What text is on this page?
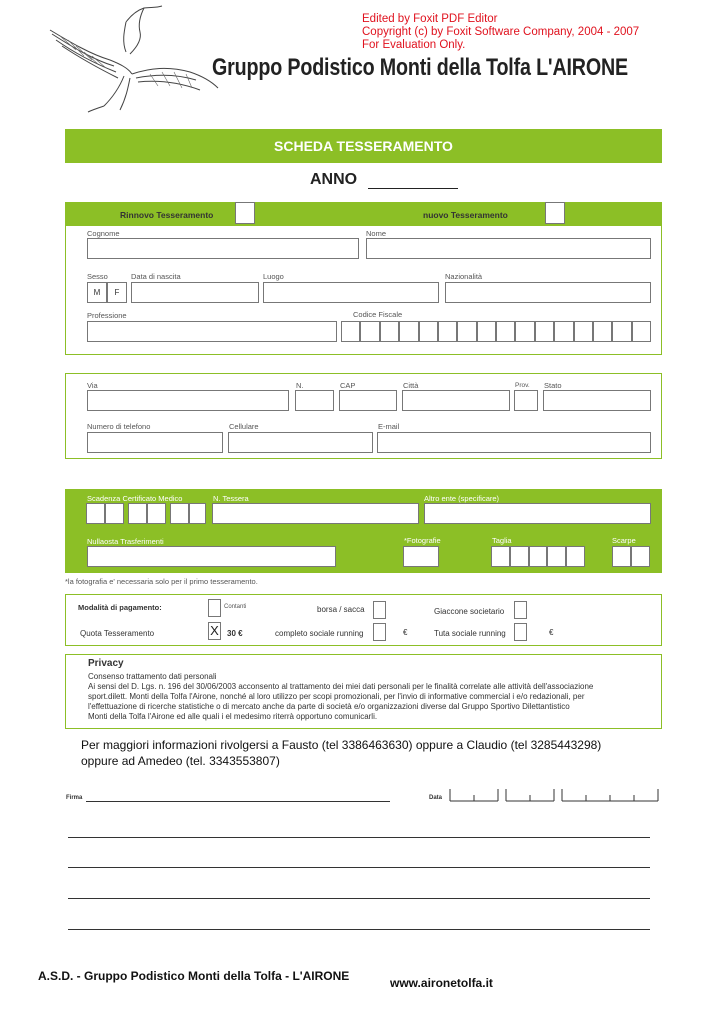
Edited by Foxit PDF Editor
Copyright (c) by Foxit Software Company, 2004 - 2007
For Evaluation Only.
Gruppo Podistico Monti della Tolfa L'AIRONE
SCHEDA TESSERAMENTO
ANNO
Rinnovo Tesseramento	nuovo Tesseramento
Cognome	Nome
Sesso	Data di nascita	Luogo	Nazionalità
M	F
Professione	Codice Fiscale
Via	N.	CAP	Città	Prov. Stato
Numero di telefono	Cellulare	E-mail
Scadenza Certificato Medico	N. Tessera	Altro ente (specificare)
Nullaosta Trasferimenti	*Fotografie	Taglia	Scarpe
*la fotografia e' necessaria solo per il primo tesseramento.
Modalità di pagamento:	Contanti	borsa / sacca	Giaccone societario
Quota Tesseramento	X 30 €	completo sociale running	€	Tuta sociale running	€
Privacy
Consenso trattamento dati personali
Ai sensi del D. Lgs. n. 196 del 30/06/2003 acconsento al trattamento dei miei dati personali per le finalità correlate alle attività dell'associazione
sport.dilett. Monti della Tolfa l'Airone, nonché al loro utilizzo per scopi promozionali, per l'invio di informative commercial i e/o redazionali, per
l'effettuazione di ricerche statistiche o di mercato anche da parte di società e/o organizzazioni diverse dal Gruppo Sportivo Dilettantistico
Monti della Tolfa l'Airone ed alle quali i el medesimo riterrà opportuno comunicarli.
Per maggiori informazioni rivolgersi a Fausto (tel 3386463630) oppure a Claudio (tel 3285443298)
oppure ad Amedeo (tel. 3343553807)
Firma	Data
A.S.D. - Gruppo Podistico Monti della Tolfa - L'AIRONE	www.aironetolfa.it
